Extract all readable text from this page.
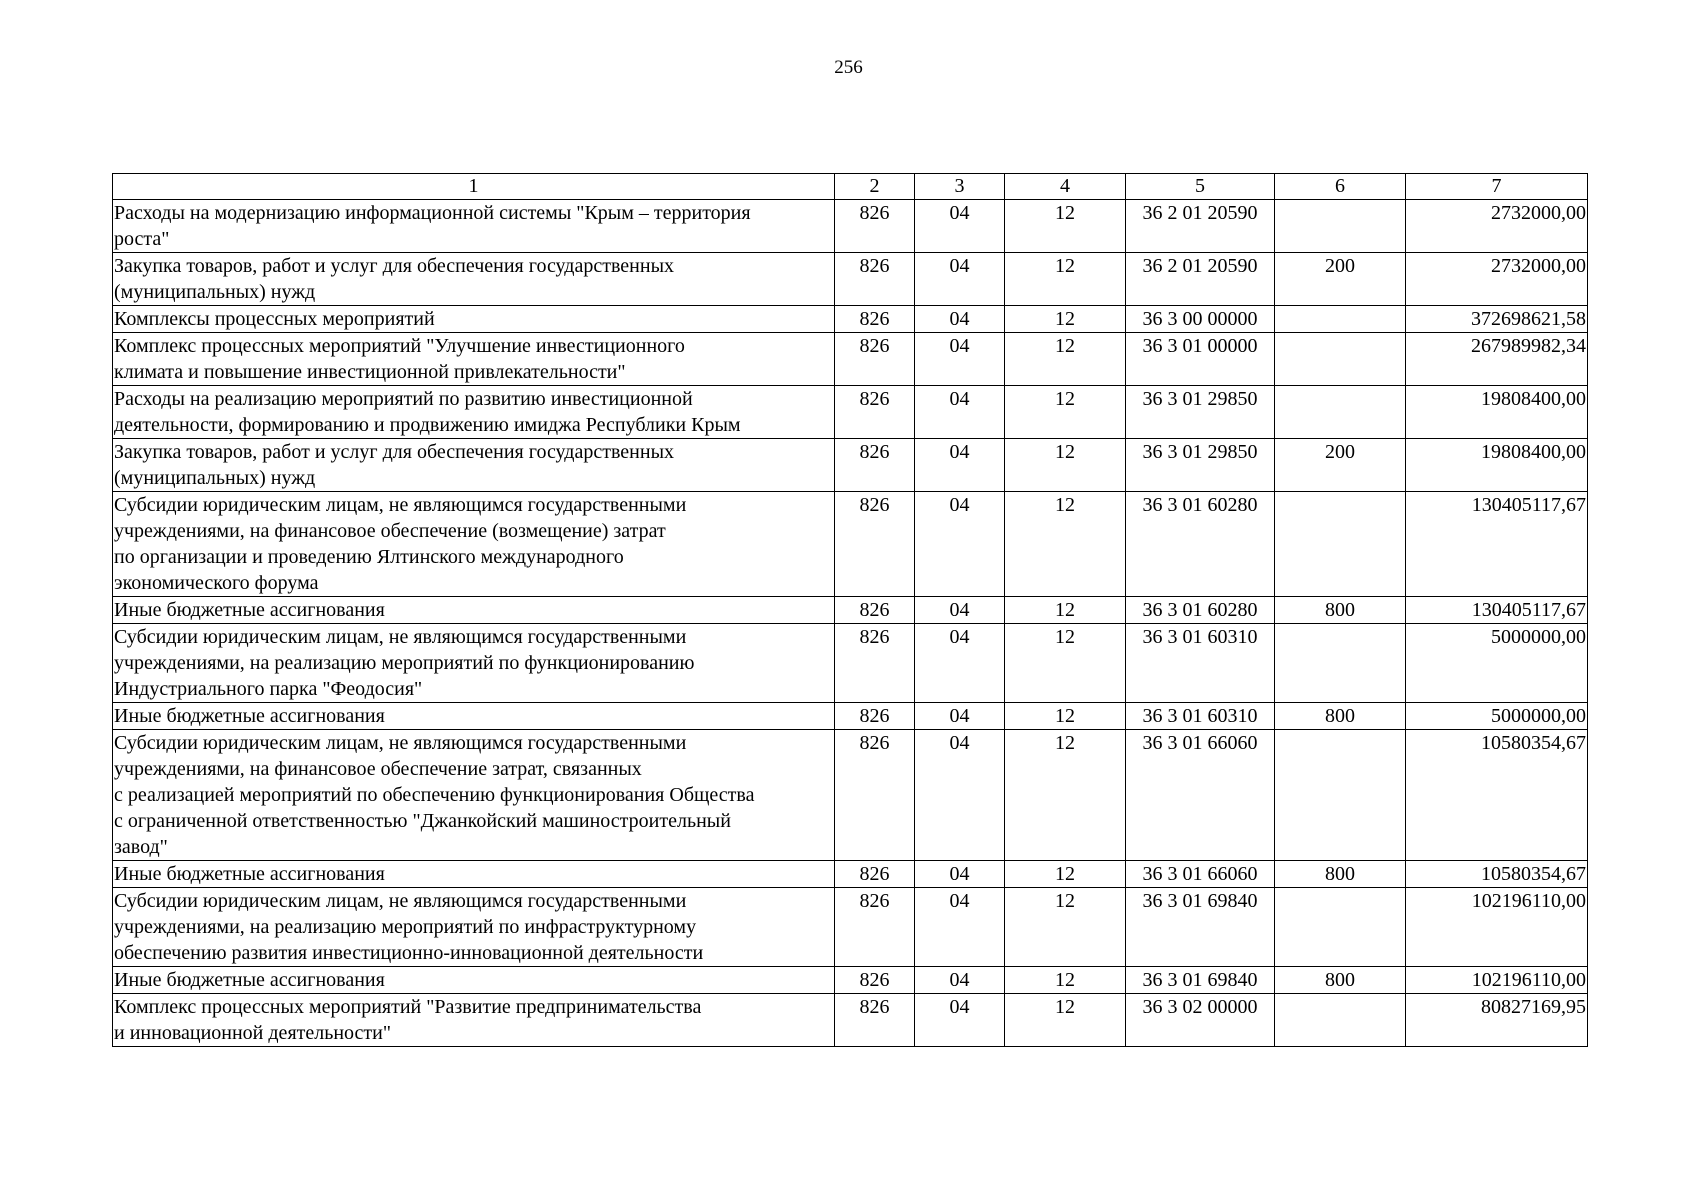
256
1	2	3	4	5	6	7
Расходы на модернизацию информационной системы "Крым – территория
роста"	826	04	12	36 2 01 20590		2732000,00
Закупка товаров, работ и услуг для обеспечения государственных
(муниципальных) нужд	826	04	12	36 2 01 20590	200	2732000,00
Комплексы процессных мероприятий	826	04	12	36 3 00 00000		372698621,58
Комплекс процессных мероприятий "Улучшение инвестиционного
климата и повышение инвестиционной привлекательности"	826	04	12	36 3 01 00000		267989982,34
Расходы на реализацию мероприятий по развитию инвестиционной
деятельности, формированию и продвижению имиджа Республики Крым	826	04	12	36 3 01 29850		19808400,00
Закупка товаров, работ и услуг для обеспечения государственных
(муниципальных) нужд	826	04	12	36 3 01 29850	200	19808400,00
Субсидии юридическим лицам, не являющимся государственными
учреждениями, на финансовое обеспечение (возмещение) затрат
по организации и проведению Ялтинского международного
экономического форума	826	04	12	36 3 01 60280		130405117,67
Иные бюджетные ассигнования	826	04	12	36 3 01 60280	800	130405117,67
Субсидии юридическим лицам, не являющимся государственными
учреждениями, на реализацию мероприятий по функционированию
Индустриального парка "Феодосия"	826	04	12	36 3 01 60310		5000000,00
Иные бюджетные ассигнования	826	04	12	36 3 01 60310	800	5000000,00
Субсидии юридическим лицам, не являющимся государственными
учреждениями, на финансовое обеспечение затрат, связанных
с реализацией мероприятий по обеспечению функционирования Общества
с ограниченной ответственностью "Джанкойский машиностроительный
завод"	826	04	12	36 3 01 66060		10580354,67
Иные бюджетные ассигнования	826	04	12	36 3 01 66060	800	10580354,67
Субсидии юридическим лицам, не являющимся государственными
учреждениями, на реализацию мероприятий по инфраструктурному
обеспечению развития инвестиционно-инновационной деятельности	826	04	12	36 3 01 69840		102196110,00
Иные бюджетные ассигнования	826	04	12	36 3 01 69840	800	102196110,00
Комплекс процессных мероприятий "Развитие предпринимательства
и инновационной деятельности"	826	04	12	36 3 02 00000		80827169,95
